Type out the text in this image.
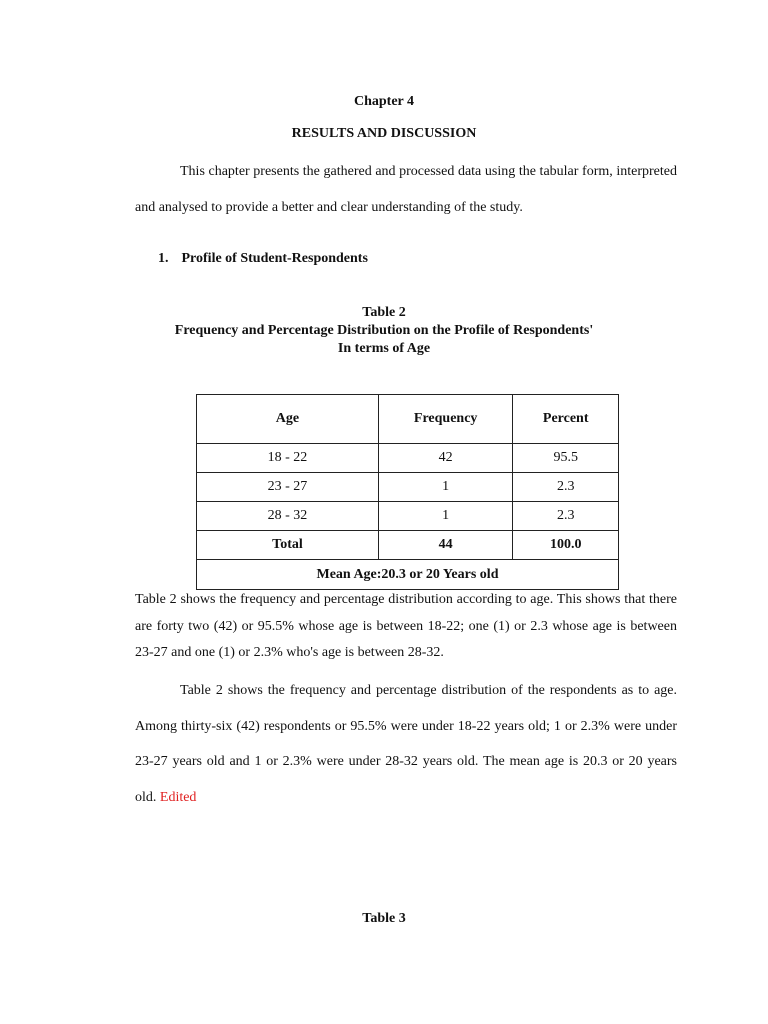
Chapter 4
RESULTS AND DISCUSSION
This chapter presents the gathered and processed data using the tabular form, interpreted and analysed to provide a better and clear understanding of the study.
1. Profile of Student-Respondents
Table 2
Frequency and Percentage Distribution on the Profile of Respondents'
In terms of Age
Age	Frequency	Percent
18 - 22	42	95.5
23 - 27	1	2.3
28 - 32	1	2.3
Total	44	100.0
Mean Age:20.3 or 20 Years old		
Table 2 shows the frequency and percentage distribution according to age. This shows that there are forty two (42) or 95.5% whose age is between 18-22; one (1) or 2.3 whose age is between 23-27 and one (1) or 2.3% who's age is between 28-32.
Table 2 shows the frequency and percentage distribution of the respondents as to age. Among thirty-six (42) respondents or 95.5% were under 18-22 years old; 1 or 2.3% were under 23-27 years old and 1 or 2.3% were under 28-32 years old. The mean age is 20.3 or 20 years old. Edited
Table 3
